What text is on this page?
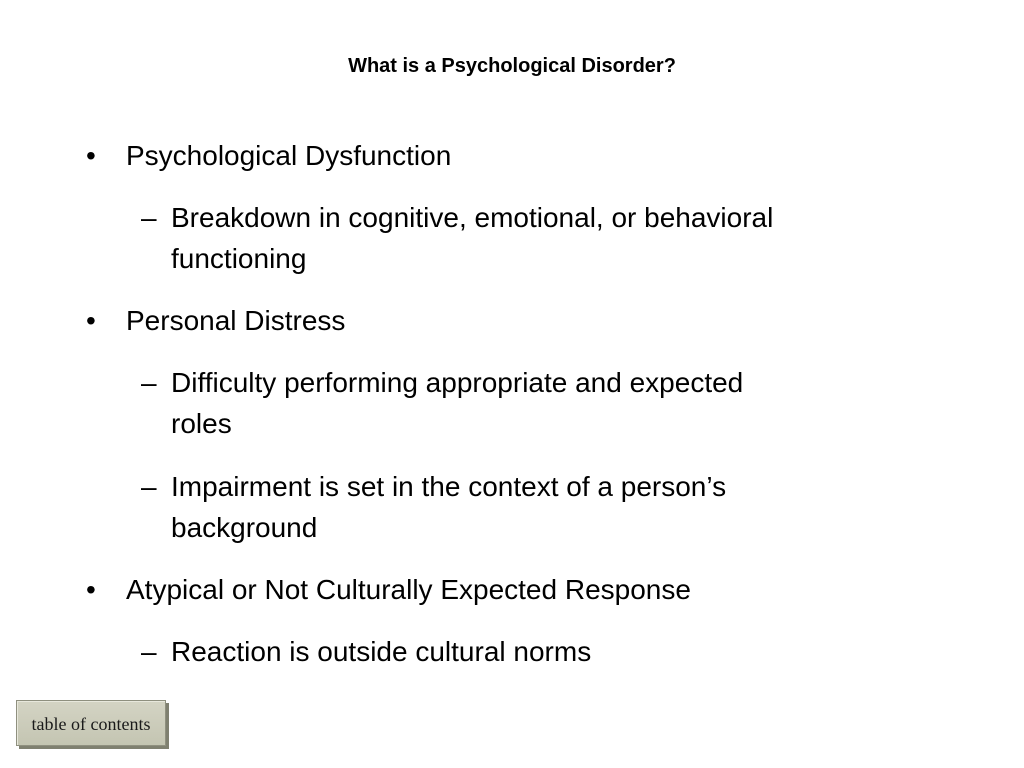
What is a Psychological Disorder?
• Psychological Dysfunction
– Breakdown in cognitive, emotional, or behavioral
functioning
• Personal Distress
– Difficulty performing appropriate and expected
roles
– Impairment is set in the context of a person’s
background
• Atypical or Not Culturally Expected Response
– Reaction is outside cultural norms
table of contents
